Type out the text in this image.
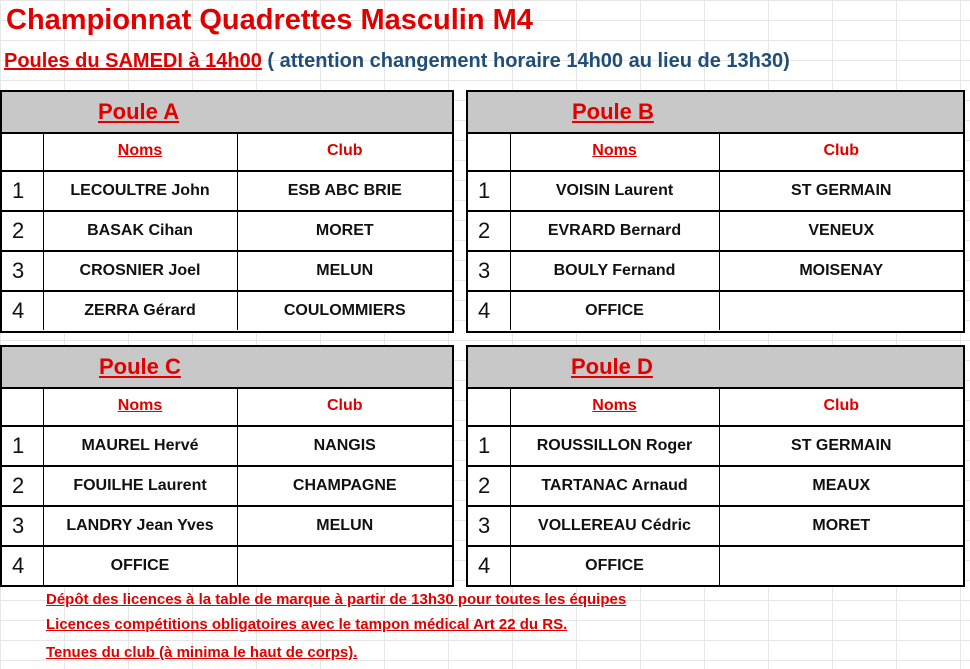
Championnat Quadrettes Masculin M4
Poules du SAMEDI à 14h00 ( attention changement horaire 14h00 au lieu de 13h30)
Poule A
	Noms	Club
1	LECOULTRE John	ESB ABC BRIE
2	BASAK Cihan	MORET
3	CROSNIER Joel	MELUN
4	ZERRA Gérard	COULOMMIERS
Poule B
	Noms	Club
1	VOISIN Laurent	ST GERMAIN
2	EVRARD Bernard	VENEUX
3	BOULY Fernand	MOISENAY
4	OFFICE	
Poule C
	Noms	Club
1	MAUREL Hervé	NANGIS
2	FOUILHE Laurent	CHAMPAGNE
3	LANDRY Jean Yves	MELUN
4	OFFICE	
Poule D
	Noms	Club
1	ROUSSILLON Roger	ST GERMAIN
2	TARTANAC Arnaud	MEAUX
3	VOLLEREAU Cédric	MORET
4	OFFICE	
Dépôt des licences à la table de marque à partir de 13h30 pour toutes les équipes
Licences compétitions obligatoires avec le tampon médical Art 22 du RS.
Tenues du club (à minima le haut de corps).
